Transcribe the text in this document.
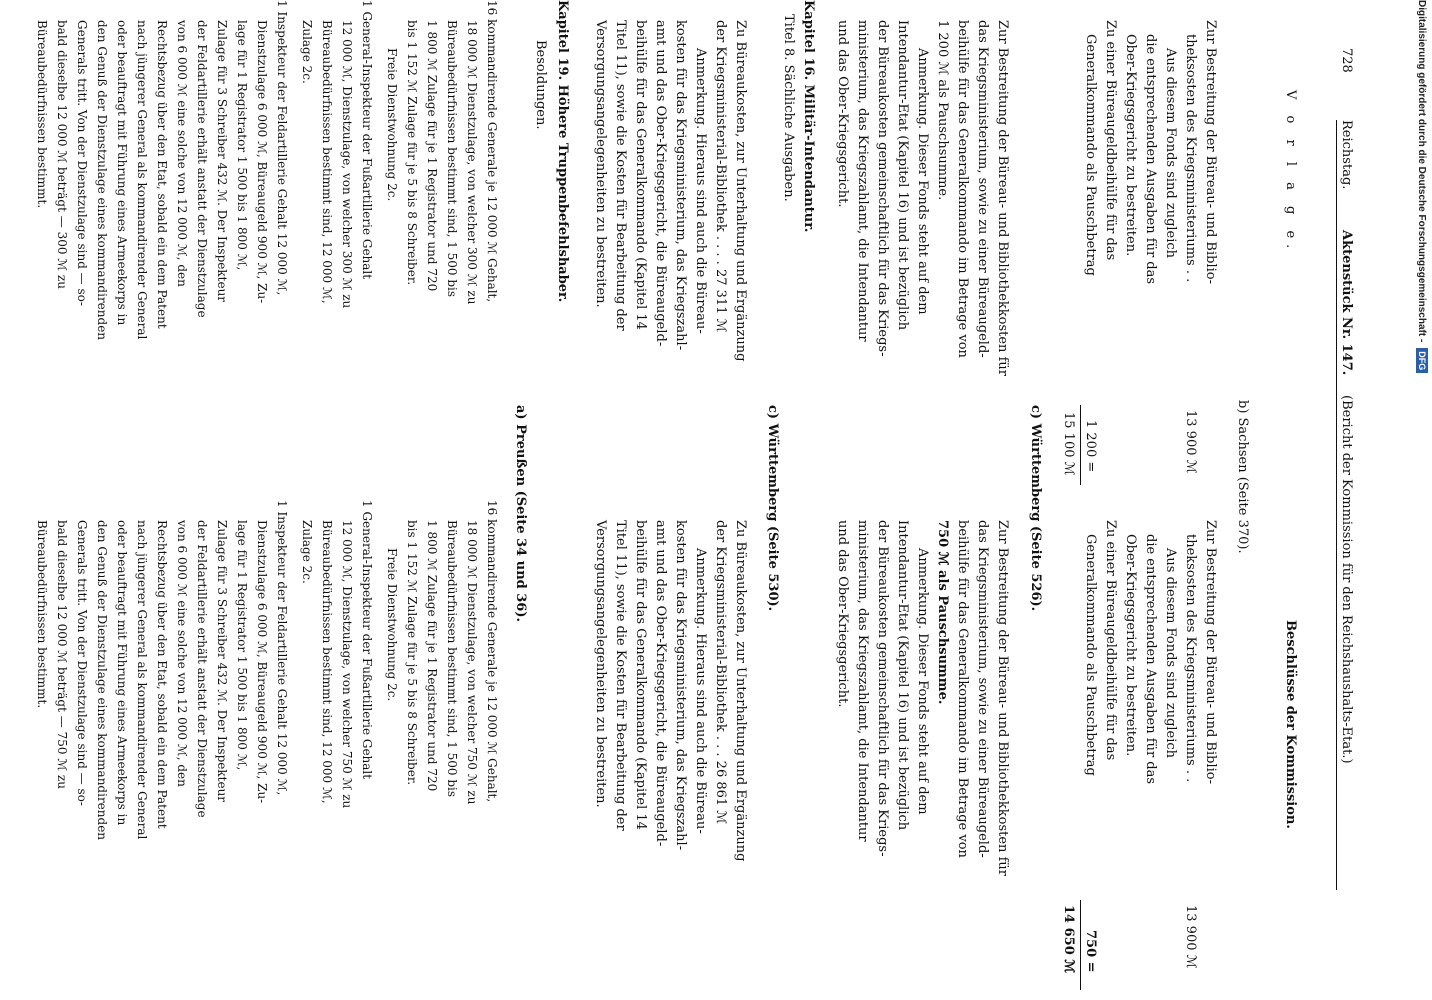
728
Reichstag.
Aktenstück Nr. 147.
(Bericht der Kommission für den Reichshaushalts-Etat.)
V o r l a g e.
Beschlüsse der Kommission.
b) Sachsen (Seite 370).
Zur Bestreitung der Büreau- und Biblio-
theksosten des Kriegsministeriums . .
Aus diesem Fonds sind zugleich
die entsprechenden Ausgaben für das
Ober-Kriegsgericht zu bestreiten.
Zu einer Büreaugeldbeihülfe für das
Generalkommando als Pauschbetrag
13 900 ℳ
1 200 =
15 100 ℳ
Zur Bestreitung der Büreau- und Biblio-
theksosten des Kriegsministeriums . .
Aus diesem Fonds sind zugleich
die entsprechenden Ausgaben für das
Ober-Kriegsgericht zu bestreiten.
Zu einer Büreaugeldbeihülfe für das
Generalkommando als Pauschbetrag
13 900 ℳ
750 =
14 650 ℳ
c) Württemberg (Seite 526).
Zur Bestreitung der Büreau- und Bibliothekkosten für
das Kriegsministerium, sowie zu einer Büreaugeld-
beihülfe für das Generalkommando im Betrage von
1 200 ℳ als Pauschsumme.
Anmerkung. Dieser Fonds steht auf dem
Intendantur-Etat (Kapitel 16) und ist bezüglich
der Büreaukosten gemeinschaftlich für das Kriegs-
ministerium, das Kriegszahlamt, die Intendantur
und das Ober-Kriegsgericht.
Zur Bestreitung der Büreau- und Bibliothekkosten für
das Kriegsministerium, sowie zu einer Büreaugeld-
beihülfe für das Generalkommando im Betrage von
750 ℳ als Pauschsumme.
Anmerkung. Dieser Fonds steht auf dem
Intendantur-Etat (Kapitel 16) und ist bezüglich
der Büreaukosten gemeinschaftlich für das Kriegs-
ministerium, das Kriegszahlamt, die Intendantur
und das Ober-Kriegsgericht.
Kapitel 16. Militär-Intendantur.
Titel 8. Sächliche Ausgaben.
c) Württemberg (Seite 530).
Zu Büreaukosten, zur Unterhaltung und Ergänzung
der Kriegsministerial-Bibliothek . . . . 27 311 ℳ
Anmerkung. Hieraus sind auch die Büreau-
kosten für das Kriegsministerium, das Kriegszahl-
amt und das Ober-Kriegsgericht, die Büreaugeld-
beihülfe für das Generalkommando (Kapitel 14
Titel 11), sowie die Kosten für Bearbeitung der
Versorgungsangelegenheiten zu bestreiten.
Zu Büreaukosten, zur Unterhaltung und Ergänzung
der Kriegsministerial-Bibliothek . . . 26 861 ℳ
Anmerkung. Hieraus sind auch die Büreau-
kosten für das Kriegsministerium, das Kriegszahl-
amt und das Ober-Kriegsgericht, die Büreaugeld-
beihülfe für das Generalkommando (Kapitel 14
Titel 11), sowie die Kosten für Bearbeitung der
Versorgungsangelegenheiten zu bestreiten.
Kapitel 19. Höhere Truppenbefehlshaber.
Besoldungen.
a) Preußen (Seite 34 und 36).
16 kommandirende Generale je 12 000 ℳ Gehalt,
18 000 ℳ Dienstzulage, von welcher 300 ℳ zu
Büreaubedürfnissen bestimmt sind, 1 500 bis
1 800 ℳ Zulage für je 1 Registrator und 720
bis 1 152 ℳ Zulage für je 5 bis 8 Schreiber.
Freie Dienstwohnung 2c.
1 General-Inspekteur der Fußartillerie Gehalt
12 000 ℳ, Dienstzulage, von welcher 300 ℳ zu
Büreaubedürfnissen bestimmt sind, 12 000 ℳ,
Zulage 2c.
1 Inspekteur der Feldartillerie Gehalt 12 000 ℳ,
Dienstzulage 6 000 ℳ, Büreaugeld 900 ℳ, Zu-
lage für 1 Registrator 1 500 bis 1 800 ℳ,
Zulage für 3 Schreiber 432 ℳ. Der Inspekteur
der Feldartillerie erhält anstatt der Dienstzulage
von 6 000 ℳ eine solche von 12 000 ℳ, den
Rechtsbezug über den Etat, sobald ein dem Patent
nach jüngerer General als kommandirender General
oder beauftragt mit Führung eines Armeekorps in
den Genuß der Dienstzulage eines kommandirenden
Generals tritt. Von der Dienstzulage sind — so-
bald dieselbe 12 000 ℳ beträgt — 300 ℳ zu
Büreaubedürfnissen bestimmt.
16 kommandirende Generale je 12 000 ℳ Gehalt,
18 000 ℳ Dienstzulage, von welcher 750 ℳ zu
Büreaubedürfnissen bestimmt sind, 1 500 bis
1 800 ℳ Zulage für je 1 Registrator und 720
bis 1 152 ℳ Zulage für je 5 bis 8 Schreiber.
Freie Dienstwohnung 2c.
1 General-Inspekteur der Fußartillerie Gehalt
12 000 ℳ, Dienstzulage, von welcher 750 ℳ zu
Büreaubedürfnissen bestimmt sind, 12 000 ℳ,
Zulage 2c.
1 Inspekteur der Feldartillerie Gehalt 12 000 ℳ,
Dienstzulage 6 000 ℳ, Büreaugeld 900 ℳ, Zu-
lage für 1 Registrator 1 500 bis 1 800 ℳ,
Zulage für 3 Schreiber 432 ℳ. Der Inspekteur
der Feldartillerie erhält anstatt der Dienstzulage
von 6 000 ℳ eine solche von 12 000 ℳ, den
Rechtsbezug über den Etat, sobald ein dem Patent
nach jüngerer General als kommandirender General
oder beauftragt mit Führung eines Armeekorps in
den Genuß der Dienstzulage eines kommandirenden
Generals tritt. Von der Dienstzulage sind — so-
bald dieselbe 12 000 ℳ beträgt — 750 ℳ zu
Büreaubedürfnissen bestimmt.
Digitalisierung gefördert durch die Deutsche Forschungsgemeinschaft -
DFG
